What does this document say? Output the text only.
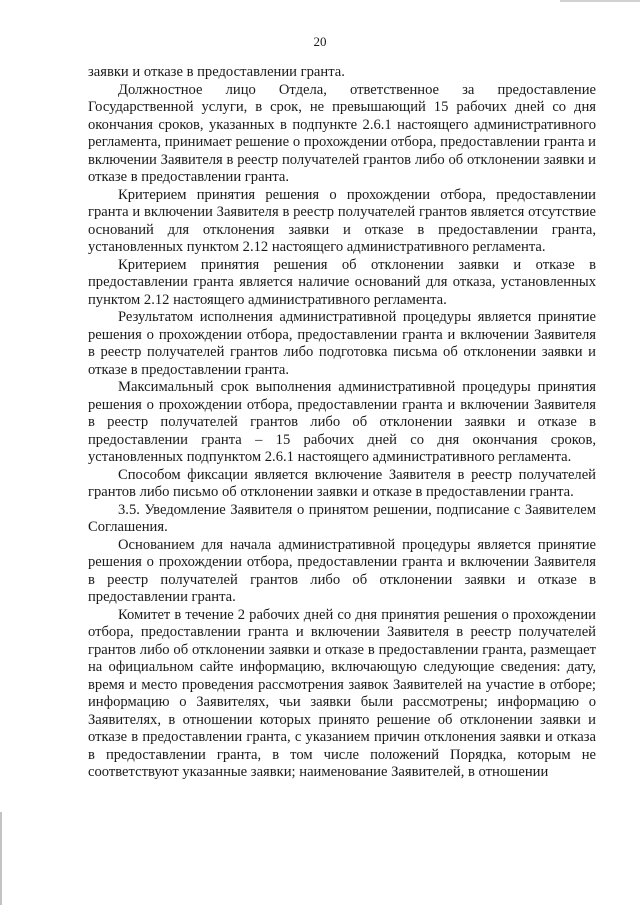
20

заявки и отказе в предоставлении гранта.

Должностное лицо Отдела, ответственное за предоставление Государственной услуги, в срок, не превышающий 15 рабочих дней со дня окончания сроков, указанных в подпункте 2.6.1 настоящего административного регламента, принимает решение о прохождении отбора, предоставлении гранта и включении Заявителя в реестр получателей грантов либо об отклонении заявки и отказе в предоставлении гранта.

Критерием принятия решения о прохождении отбора, предоставлении гранта и включении Заявителя в реестр получателей грантов является отсутствие оснований для отклонения заявки и отказе в предоставлении гранта, установленных пунктом 2.12 настоящего административного регламента.

Критерием принятия решения об отклонении заявки и отказе в предоставлении гранта является наличие оснований для отказа, установленных пунктом 2.12 настоящего административного регламента.

Результатом исполнения административной процедуры является принятие решения о прохождении отбора, предоставлении гранта и включении Заявителя в реестр получателей грантов либо подготовка письма об отклонении заявки и отказе в предоставлении гранта.

Максимальный срок выполнения административной процедуры принятия решения о прохождении отбора, предоставлении гранта и включении Заявителя в реестр получателей грантов либо об отклонении заявки и отказе в предоставлении гранта – 15 рабочих дней со дня окончания сроков, установленных подпунктом 2.6.1 настоящего административного регламента.

Способом фиксации является включение Заявителя в реестр получателей грантов либо письмо об отклонении заявки и отказе в предоставлении гранта.

3.5. Уведомление Заявителя о принятом решении, подписание с Заявителем Соглашения.

Основанием для начала административной процедуры является принятие решения о прохождении отбора, предоставлении гранта и включении Заявителя в реестр получателей грантов либо об отклонении заявки и отказе в предоставлении гранта.

Комитет в течение 2 рабочих дней со дня принятия решения о прохождении отбора, предоставлении гранта и включении Заявителя в реестр получателей грантов либо об отклонении заявки и отказе в предоставлении гранта, размещает на официальном сайте информацию, включающую следующие сведения: дату, время и место проведения рассмотрения заявок Заявителей на участие в отборе; информацию о Заявителях, чьи заявки были рассмотрены; информацию о Заявителях, в отношении которых принято решение об отклонении заявки и отказе в предоставлении гранта, с указанием причин отклонения заявки и отказа в предоставлении гранта, в том числе положений Порядка, которым не соответствуют указанные заявки; наименование Заявителей, в отношении
